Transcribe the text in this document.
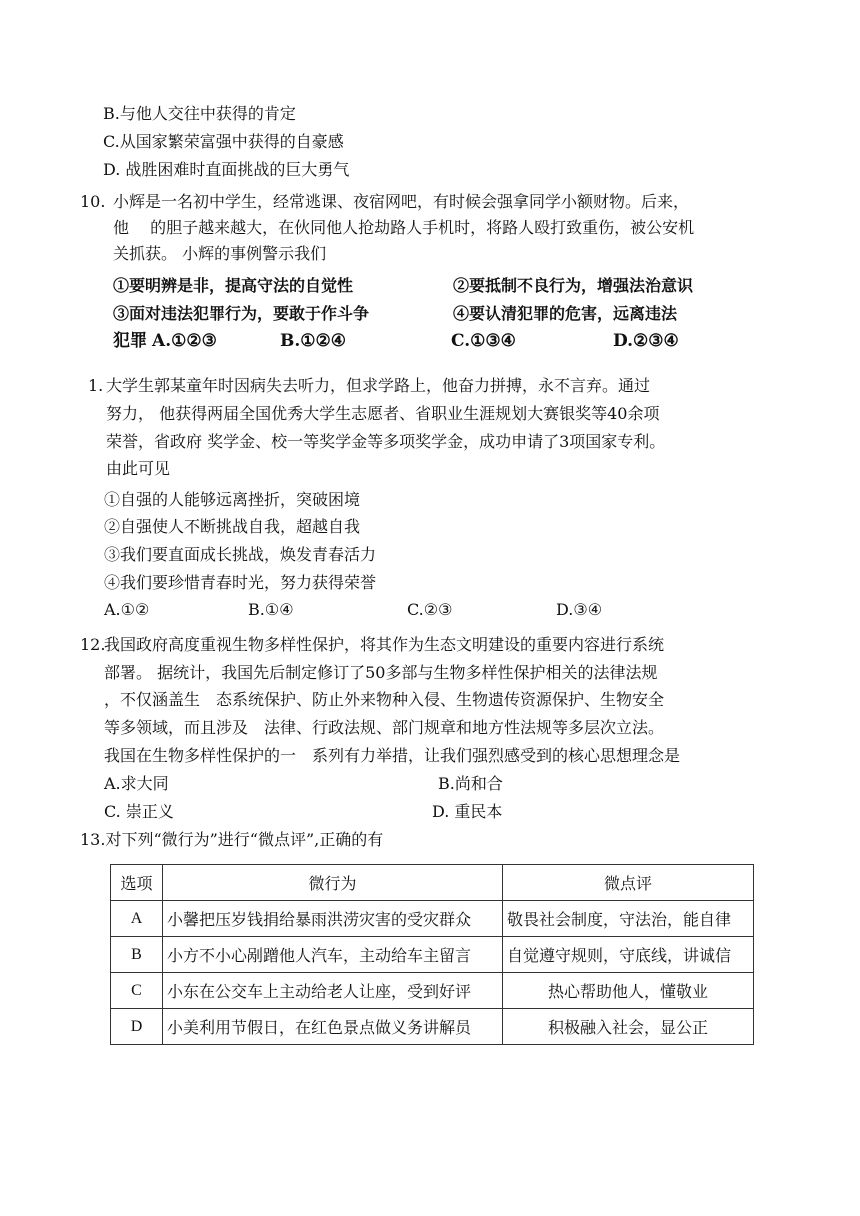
B.与他人交往中获得的肯定
C.从国家繁荣富强中获得的自豪感
D. 战胜困难时直面挑战的巨大勇气
10. 小辉是一名初中学生，经常逃课、夜宿网吧，有时候会强拿同学小额财物。后来，
他　 的胆子越来越大，在伙同他人抢劫路人手机时，将路人殴打致重伤，被公安机
关抓获。 小辉的事例警示我们
①要明辨是非，提高守法的自觉性	②要抵制不良行为，增强法治意识
③面对违法犯罪行为，要敢于作斗争	④要认清犯罪的危害，远离违法
犯罪 A.①②③	B.①②④	C.①③④	D.②③④
1. 大学生郭某童年时因病失去听力，但求学路上，他奋力拼搏，永不言弃。通过
努力， 他获得两届全国优秀大学生志愿者、省职业生涯规划大赛银奖等40余项
荣誉，省政府 奖学金、校一等奖学金等多项奖学金，成功申请了3项国家专利。
由此可见
①自强的人能够远离挫折，突破困境
②自强使人不断挑战自我，超越自我
③我们要直面成长挑战，焕发青春活力
④我们要珍惜青春时光，努力获得荣誉
A.①②	B.①④	C.②③	D.③④
12.
我国政府高度重视生物多样性保护，将其作为生态文明建设的重要内容进行系统
部署。 据统计，我国先后制定修订了50多部与生物多样性保护相关的法律法规
，不仅涵盖生　态系统保护、防止外来物种入侵、生物遗传资源保护、生物安全
等多领域，而且涉及　法律、行政法规、部门规章和地方性法规等多层次立法。
我国在生物多样性保护的一　系列有力举措，让我们强烈感受到的核心思想理念是
A.求大同	B.尚和合
C. 崇正义	D. 重民本
13.对下列“微行为”进行“微点评”,正确的有
选项	微行为	微点评
A	小馨把压岁钱捐给暴雨洪涝灾害的受灾群众	敬畏社会制度，守法治，能自律
B	小方不小心剐蹭他人汽车，主动给车主留言	自觉遵守规则，守底线，讲诚信
C	小东在公交车上主动给老人让座，受到好评	热心帮助他人，懂敬业
D	小美利用节假日，在红色景点做义务讲解员	积极融入社会，显公正
